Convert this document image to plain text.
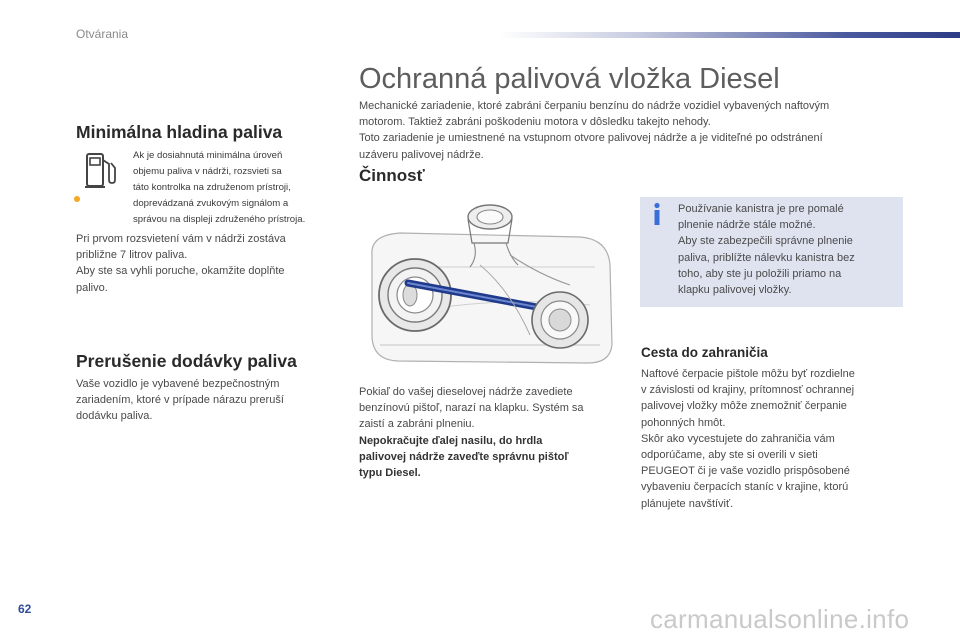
Otvárania
Minimálna hladina paliva

Ak je dosiahnutá minimálna úroveň

objemu paliva v nádrži, rozsvieti sa

táto kontrolka na združenom prístroji,

doprevádzaná zvukovým signálom a

správou na displeji združeného prístroja.

Pri prvom rozsvietení vám v nádrži zostáva

približne 7 litrov paliva.

Aby ste sa vyhli poruche, okamžite doplňte

palivo.

Prerušenie dodávky paliva

Vaše vozidlo je vybavené bezpečnostným

zariadením, ktoré v prípade nárazu preruší

dodávku paliva.

Ochranná palivová vložka Diesel

Mechanické zariadenie, ktoré zabráni čerpaniu benzínu do nádrže vozidiel vybavených naftovým

motorom. Taktiež zabráni poškodeniu motora v dôsledku takejto nehody.

Toto zariadenie je umiestnené na vstupnom otvore palivovej nádrže a je viditeľné po odstránení

uzáveru palivovej nádrže.

Činnosť

Pokiaľ do vašej dieselovej nádrže zavediete

benzínovú pištoľ, narazí na klapku. Systém sa

zaistí a zabráni plneniu.

Nepokračujte ďalej nasilu, do hrdla

palivovej nádrže zaveďte správnu pištoľ

typu Diesel.

Používanie kanistra je pre pomalé

plnenie nádrže stále možné.

Aby ste zabezpečili správne plnenie

paliva, priblížte nálevku kanistra bez

toho, aby ste ju položili priamo na

klapku palivovej vložky.

Cesta do zahraničia

Naftové čerpacie pištole môžu byť rozdielne

v závislosti od krajiny, prítomnosť ochrannej

palivovej vložky môže znemožniť čerpanie

pohonných hmôt.

Skôr ako vycestujete do zahraničia vám

odporúčame, aby ste si overili v sieti

PEUGEOT či je vaše vozidlo prispôsobené

vybaveniu čerpacích staníc v krajine, ktorú

plánujete navštíviť.

62	carmanualsonline.info
